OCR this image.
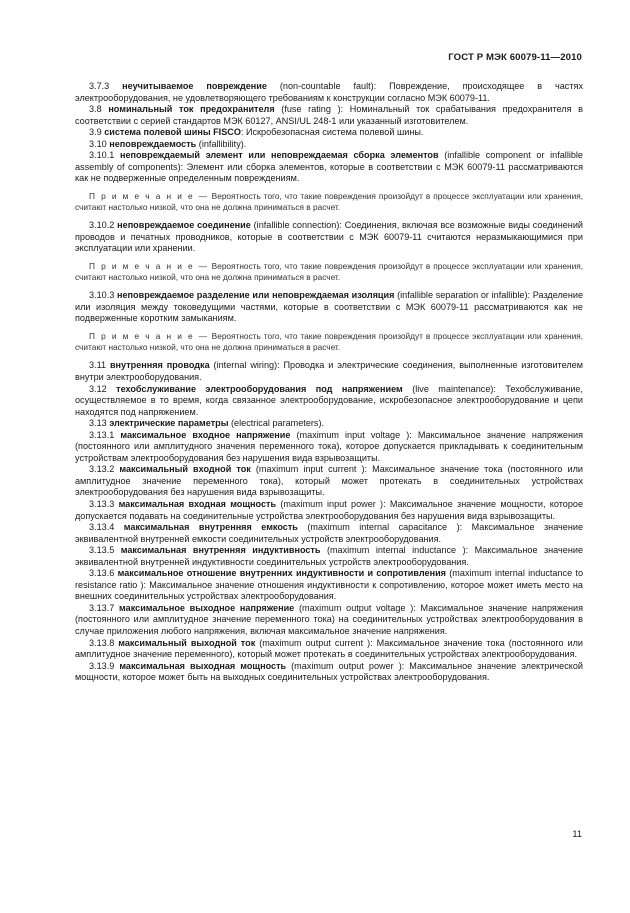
ГОСТ Р МЭК 60079-11—2010

3.7.3 неучитываемое повреждение (non-countable fault): Повреждение, происходящее в частях электрооборудования, не удовлетворяющего требованиям к конструкции согласно МЭК 60079-11.

3.8 номинальный ток предохранителя (fuse rating ): Номинальный ток срабатывания предохранителя в соответствии с серией стандартов МЭК 60127, ANSI/UL 248-1 или указанный изготовителем.

3.9 система полевой шины FISCO: Искробезопасная система полевой шины.

3.10 неповреждаемость (infallibility).

3.10.1 неповреждаемый элемент или неповреждаемая сборка элементов (infallible component or infallible assembly of components): Элемент или сборка элементов, которые в соответствии с МЭК 60079-11 рассматриваются как не подверженные определенным повреждениям.

П р и м е ч а н и е — Вероятность того, что такие повреждения произойдут в процессе эксплуатации или хранения, считают настолько низкой, что она не должна приниматься в расчет.

3.10.2 неповреждаемое соединение (infallible connection): Соединения, включая все возможные виды соединений проводов и печатных проводников, которые в соответствии с МЭК 60079-11 считаются неразмыкающимися при эксплуатации или хранении.

П р и м е ч а н и е — Вероятность того, что такие повреждения произойдут в процессе эксплуатации или хранения, считают настолько низкой, что она не должна приниматься в расчет.

3.10.3 неповреждаемое разделение или неповреждаемая изоляция (infallible separation or infallible): Разделение или изоляция между токоведущими частями, которые в соответствии с МЭК 60079-11 рассматриваются как не подверженные коротким замыканиям.

П р и м е ч а н и е — Вероятность того, что такие повреждения произойдут в процессе эксплуатации или хранения, считают настолько низкой, что она не должна приниматься в расчет.

3.11 внутренняя проводка (internal wiring): Проводка и электрические соединения, выполненные изготовителем внутри электрооборудования.

3.12 техобслуживание электрооборудования под напряжением (live maintenance): Техобслуживание, осуществляемое в то время, когда связанное электрооборудование, искробезопасное электрооборудование и цепи находятся под напряжением.

3.13 электрические параметры (electrical parameters).

3.13.1 максимальное входное напряжение (maximum input voltage ): Максимальное значение напряжения (постоянного или амплитудного значения переменного тока), которое допускается прикладывать к соединительным устройствам электрооборудования без нарушения вида взрывозащиты.

3.13.2 максимальный входной ток (maximum input current ): Максимальное значение тока (постоянного или амплитудное значение переменного тока), который может протекать в соединительных устройствах электрооборудования без нарушения вида взрывозащиты.

3.13.3 максимальная входная мощность (maximum input power ): Максимальное значение мощности, которое допускается подавать на соединительные устройства электрооборудования без нарушения вида взрывозащиты.

3.13.4 максимальная внутренняя емкость (maximum internal capacitance ): Максимальное значение эквивалентной внутренней емкости соединительных устройств электрооборудования.

3.13.5 максимальная внутренняя индуктивность (maximum internal inductance ): Максимальное значение эквивалентной внутренней индуктивности соединительных устройств электрооборудования.

3.13.6 максимальное отношение внутренних индуктивности и сопротивления (maximum internal inductance to resistance ratio ): Максимальное значение отношения индуктивности к сопротивлению, которое может иметь место на внешних соединительных устройствах электрооборудования.

3.13.7 максимальное выходное напряжение (maximum output voltage ): Максимальное значение напряжения (постоянного или амплитудное значение переменного тока) на соединительных устройствах электрооборудования в случае приложения любого напряжения, включая максимальное значение напряжения.

3.13.8 максимальный выходной ток (maximum output current ): Максимальное значение тока (постоянного или амплитудное значение переменного), который может протекать в соединительных устройствах электрооборудования.

3.13.9 максимальная выходная мощность (maximum output power ): Максимальное значение электрической мощности, которое может быть на выходных соединительных устройствах электрооборудования.

11
